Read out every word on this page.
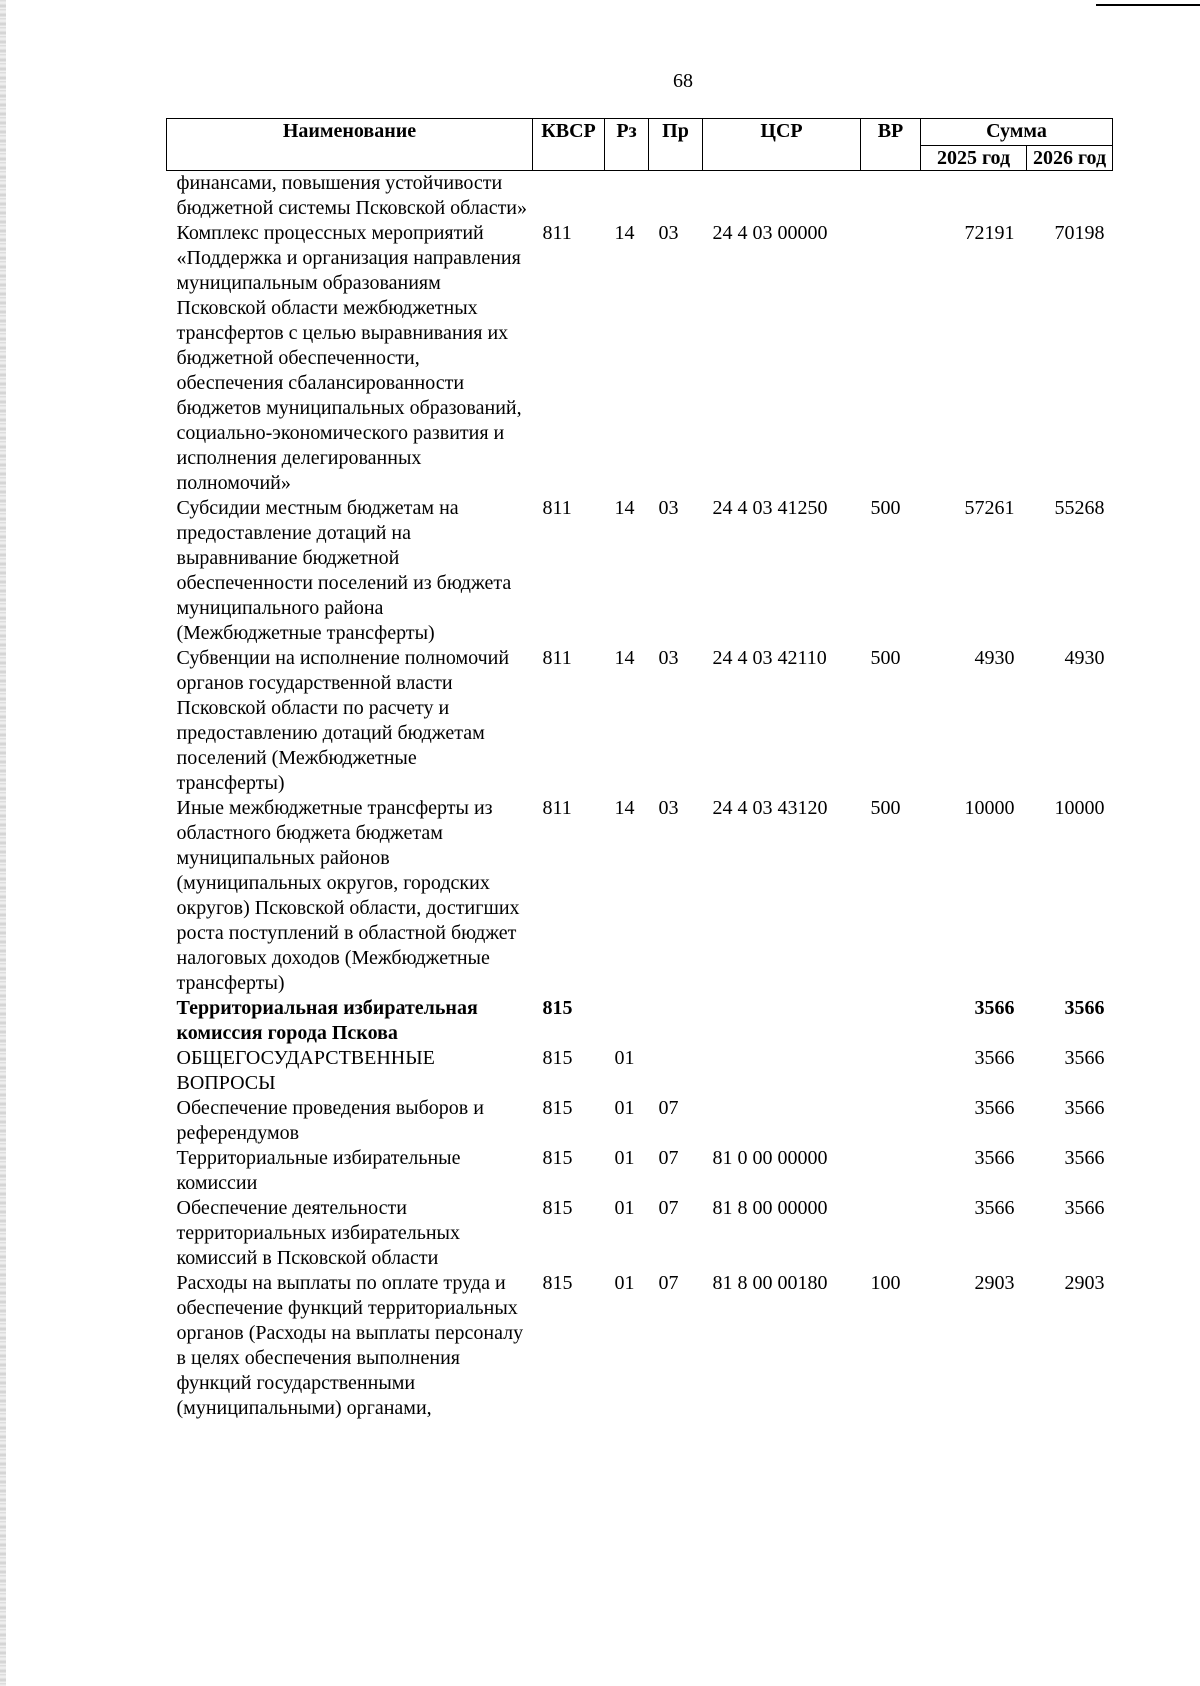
68
Наименование	КВСР	Рз	Пр	ЦСР	ВР	Сумма	
						2025 год	2026 год
финансами, повышения устойчивости бюджетной системы Псковской области»							
Комплекс процессных мероприятий «Поддержка и организация направления муниципальным образованиям Псковской области межбюджетных трансфертов с целью выравнивания их бюджетной обеспеченности, обеспечения сбалансированности бюджетов муниципальных образований, социально-экономического развития и исполнения делегированных полномочий»	811	14	03	24 4 03 00000		72191	70198
Субсидии местным бюджетам на предоставление дотаций на выравнивание бюджетной обеспеченности поселений из бюджета муниципального района (Межбюджетные трансферты)	811	14	03	24 4 03 41250	500	57261	55268
Субвенции на исполнение полномочий органов государственной власти Псковской области по расчету и предоставлению дотаций бюджетам поселений (Межбюджетные трансферты)	811	14	03	24 4 03 42110	500	4930	4930
Иные межбюджетные трансферты из областного бюджета бюджетам муниципальных районов (муниципальных округов, городских округов) Псковской области, достигших роста поступлений в областной бюджет налоговых доходов (Межбюджетные трансферты)	811	14	03	24 4 03 43120	500	10000	10000
Территориальная избирательная комиссия города Пскова	815					3566	3566
ОБЩЕГОСУДАРСТВЕННЫЕ ВОПРОСЫ	815	01				3566	3566
Обеспечение проведения выборов и референдумов	815	01	07			3566	3566
Территориальные избирательные комиссии	815	01	07	81 0 00 00000		3566	3566
Обеспечение деятельности территориальных избирательных комиссий в Псковской области	815	01	07	81 8 00 00000		3566	3566
Расходы на выплаты по оплате труда и обеспечение функций территориальных органов (Расходы на выплаты персоналу в целях обеспечения выполнения функций государственными (муниципальными) органами,	815	01	07	81 8 00 00180	100	2903	2903
